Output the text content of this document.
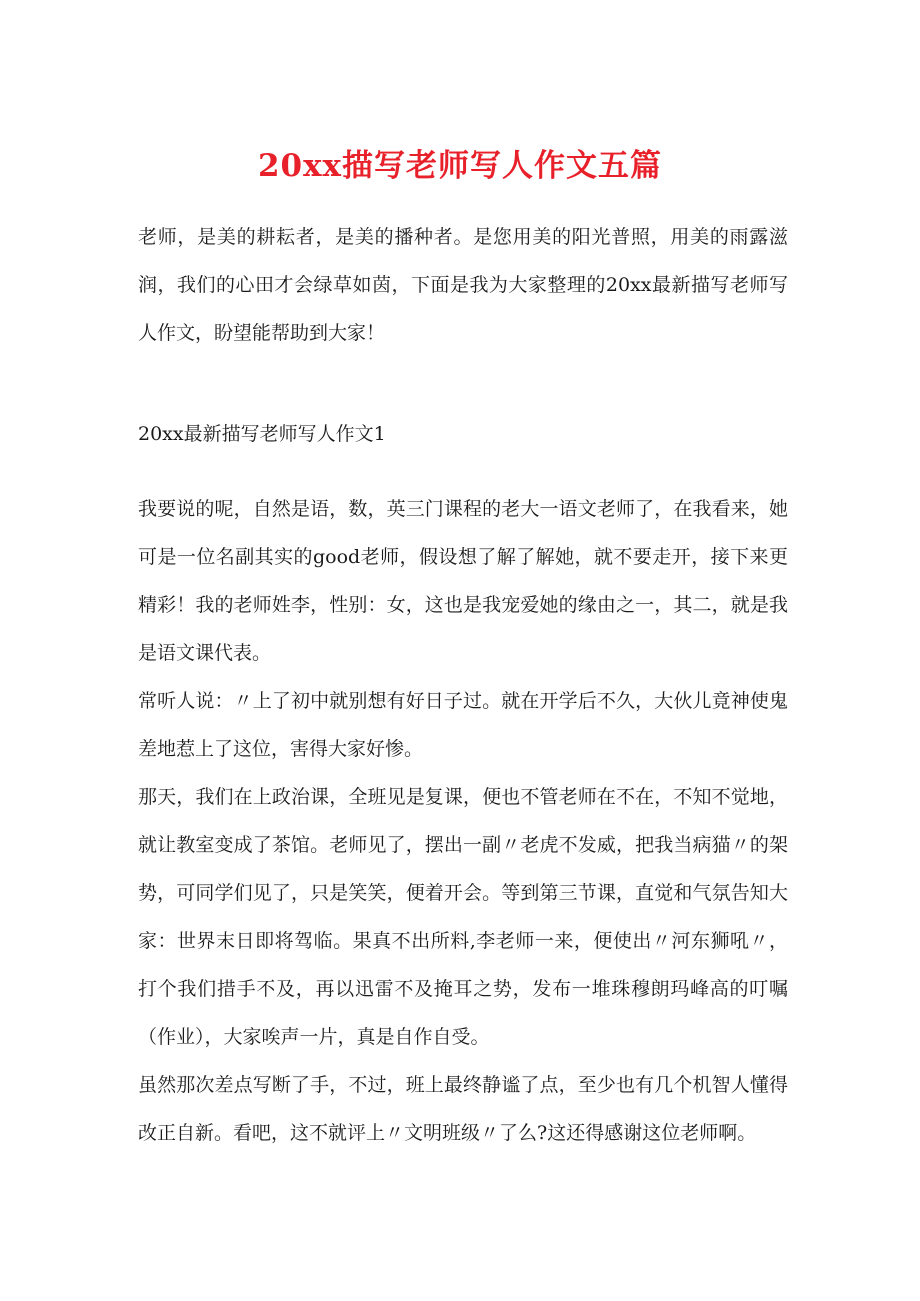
20xx描写老师写人作文五篇
老师，是美的耕耘者，是美的播种者。是您用美的阳光普照，用美的雨露滋润，我们的心田才会绿草如茵，下面是我为大家整理的20xx最新描写老师写人作文，盼望能帮助到大家！
20xx最新描写老师写人作文1

我要说的呢，自然是语，数，英三门课程的老大一语文老师了，在我看来，她可是一位名副其实的good老师，假设想了解了解她，就不要走开，接下来更精彩！我的老师姓李，性别：女，这也是我宠爱她的缘由之一，其二，就是我是语文课代表。

常听人说：〃上了初中就别想有好日子过。就在开学后不久，大伙儿竟神使鬼差地惹上了这位，害得大家好惨。

那天，我们在上政治课，全班见是复课，便也不管老师在不在，不知不觉地，就让教室变成了茶馆。老师见了，摆出一副〃老虎不发威，把我当病猫〃的架势，可同学们见了，只是笑笑，便着开会。等到第三节课，直觉和气氛告知大家：世界末日即将驾临。果真不出所料,李老师一来，便使出〃河东狮吼〃，打个我们措手不及，再以迅雷不及掩耳之势，发布一堆珠穆朗玛峰高的叮嘱（作业），大家唉声一片，真是自作自受。

虽然那次差点写断了手，不过，班上最终静谧了点，至少也有几个机智人懂得改正自新。看吧，这不就评上〃文明班级〃了么?这还得感谢这位老师啊。
